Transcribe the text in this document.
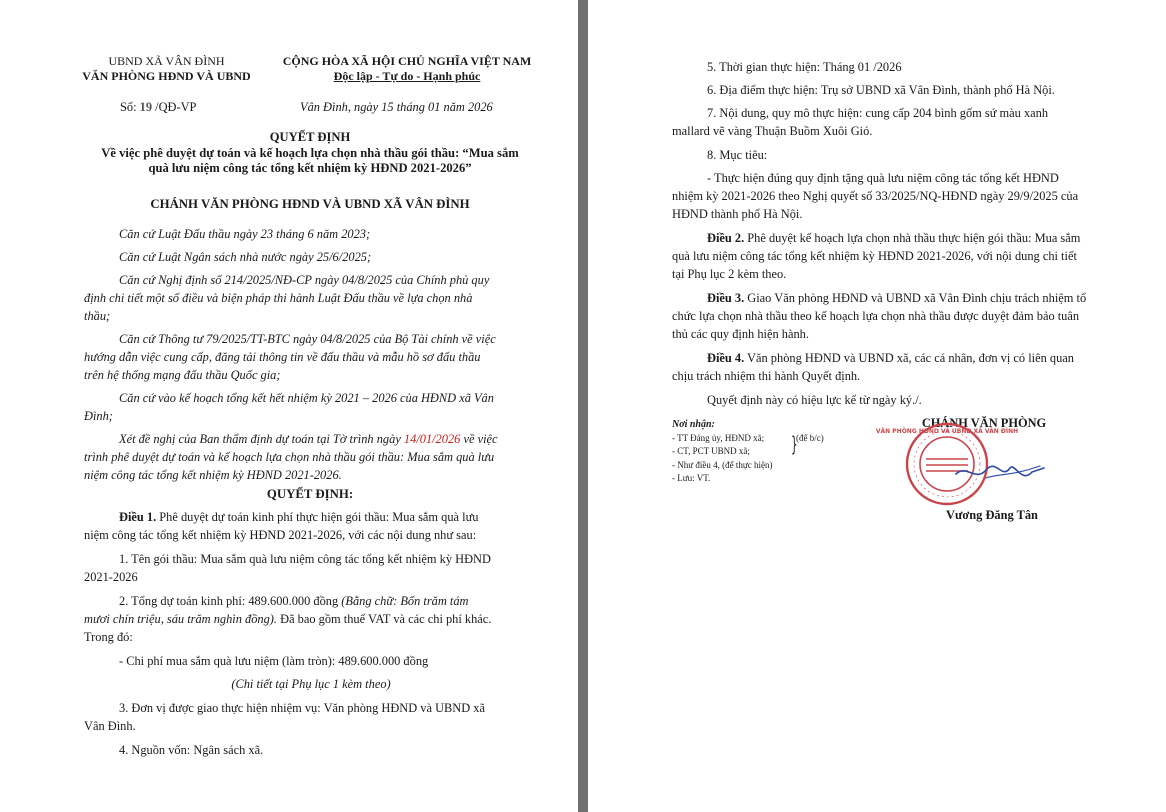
UBND XÃ VÂN ĐÌNH
VĂN PHÒNG HĐND VÀ UBND
CỘNG HÒA XÃ HỘI CHỦ NGHĨA VIỆT NAM
Độc lập - Tự do - Hạnh phúc
Số: 19 /QĐ-VP	Vân Đình, ngày 15 tháng 01 năm 2026
QUYẾT ĐỊNH
Về việc phê duyệt dự toán và kế hoạch lựa chọn nhà thầu gói thầu: “Mua sắm
quà lưu niệm công tác tổng kết nhiệm kỳ HĐND 2021-2026”
CHÁNH VĂN PHÒNG HĐND VÀ UBND XÃ VÂN ĐÌNH
Căn cứ Luật Đấu thầu ngày 23 tháng 6 năm 2023;
Căn cứ Luật Ngân sách nhà nước ngày 25/6/2025;
Căn cứ Nghị định số 214/2025/NĐ-CP ngày 04/8/2025 của Chính phủ quy
định chi tiết một số điều và biện pháp thi hành Luật Đấu thầu về lựa chọn nhà
thầu;
Căn cứ Thông tư 79/2025/TT-BTC ngày 04/8/2025 của Bộ Tài chính về việc
hướng dẫn việc cung cấp, đăng tải thông tin về đấu thầu và mẫu hồ sơ đấu thầu
trên hệ thống mạng đấu thầu Quốc gia;
Căn cứ vào kế hoạch tổng kết hết nhiệm kỳ 2021 – 2026 của HĐND xã Vân
Đình;
Xét đề nghị của Ban thẩm định dự toán tại Tờ trình ngày 14/01/2026 về việc
trình phê duyệt dự toán và kế hoạch lựa chọn nhà thầu gói thầu: Mua sắm quà lưu
niệm công tác tổng kết nhiệm kỳ HĐND 2021-2026.
QUYẾT ĐỊNH:
Điều 1. Phê duyệt dự toán kinh phí thực hiện gói thầu: Mua sắm quà lưu
niệm công tác tổng kết nhiệm kỳ HĐND 2021-2026, với các nội dung như sau:
1. Tên gói thầu: Mua sắm quà lưu niệm công tác tổng kết nhiệm kỳ HĐND
2021-2026
2. Tổng dự toán kinh phí: 489.600.000 đồng (Bằng chữ: Bốn trăm tám
mươi chín triệu, sáu trăm nghìn đồng). Đã bao gồm thuế VAT và các chi phí khác.
Trong đó:
- Chi phí mua sắm quà lưu niệm (làm tròn): 489.600.000 đồng
(Chi tiết tại Phụ lục 1 kèm theo)
3. Đơn vị được giao thực hiện nhiệm vụ: Văn phòng HĐND và UBND xã
Vân Đình.
4. Nguồn vốn: Ngân sách xã.
5. Thời gian thực hiện: Tháng 01 /2026
6. Địa điểm thực hiện: Trụ sở UBND xã Vân Đình, thành phố Hà Nội.
7. Nội dung, quy mô thực hiện: cung cấp 204 bình gốm sứ màu xanh
mallard vẽ vàng Thuận Buồm Xuôi Gió.
8. Mục tiêu:
- Thực hiện đúng quy định tặng quà lưu niệm công tác tổng kết HĐND
nhiệm kỳ 2021-2026 theo Nghị quyết số 33/2025/NQ-HĐND ngày 29/9/2025 của
HĐND thành phố Hà Nội.
Điều 2. Phê duyệt kế hoạch lựa chọn nhà thầu thực hiện gói thầu: Mua sắm
quà lưu niệm công tác tổng kết nhiệm kỳ HĐND 2021-2026, với nội dung chi tiết
tại Phụ lục 2 kèm theo.
Điều 3. Giao Văn phòng HĐND và UBND xã Vân Đình chịu trách nhiệm tổ
chức lựa chọn nhà thầu theo kế hoạch lựa chọn nhà thầu được duyệt đảm bảo tuân
thủ các quy định hiện hành.
Điều 4. Văn phòng HĐND và UBND xã, các cá nhân, đơn vị có liên quan
chịu trách nhiệm thi hành Quyết định.
Quyết định này có hiệu lực kể từ ngày ký./.
Nơi nhận:
- TT Đảng ủy, HĐND xã;
- CT, PCT UBND xã;	}
(để b/c)
- Như điều 4, (để thực hiện)
- Lưu: VT.
CHÁNH VĂN PHÒNG
VĂN PHÒNG HĐND VÀ UBND XÃ VÂN ĐÌNH
Vương Đăng Tân
